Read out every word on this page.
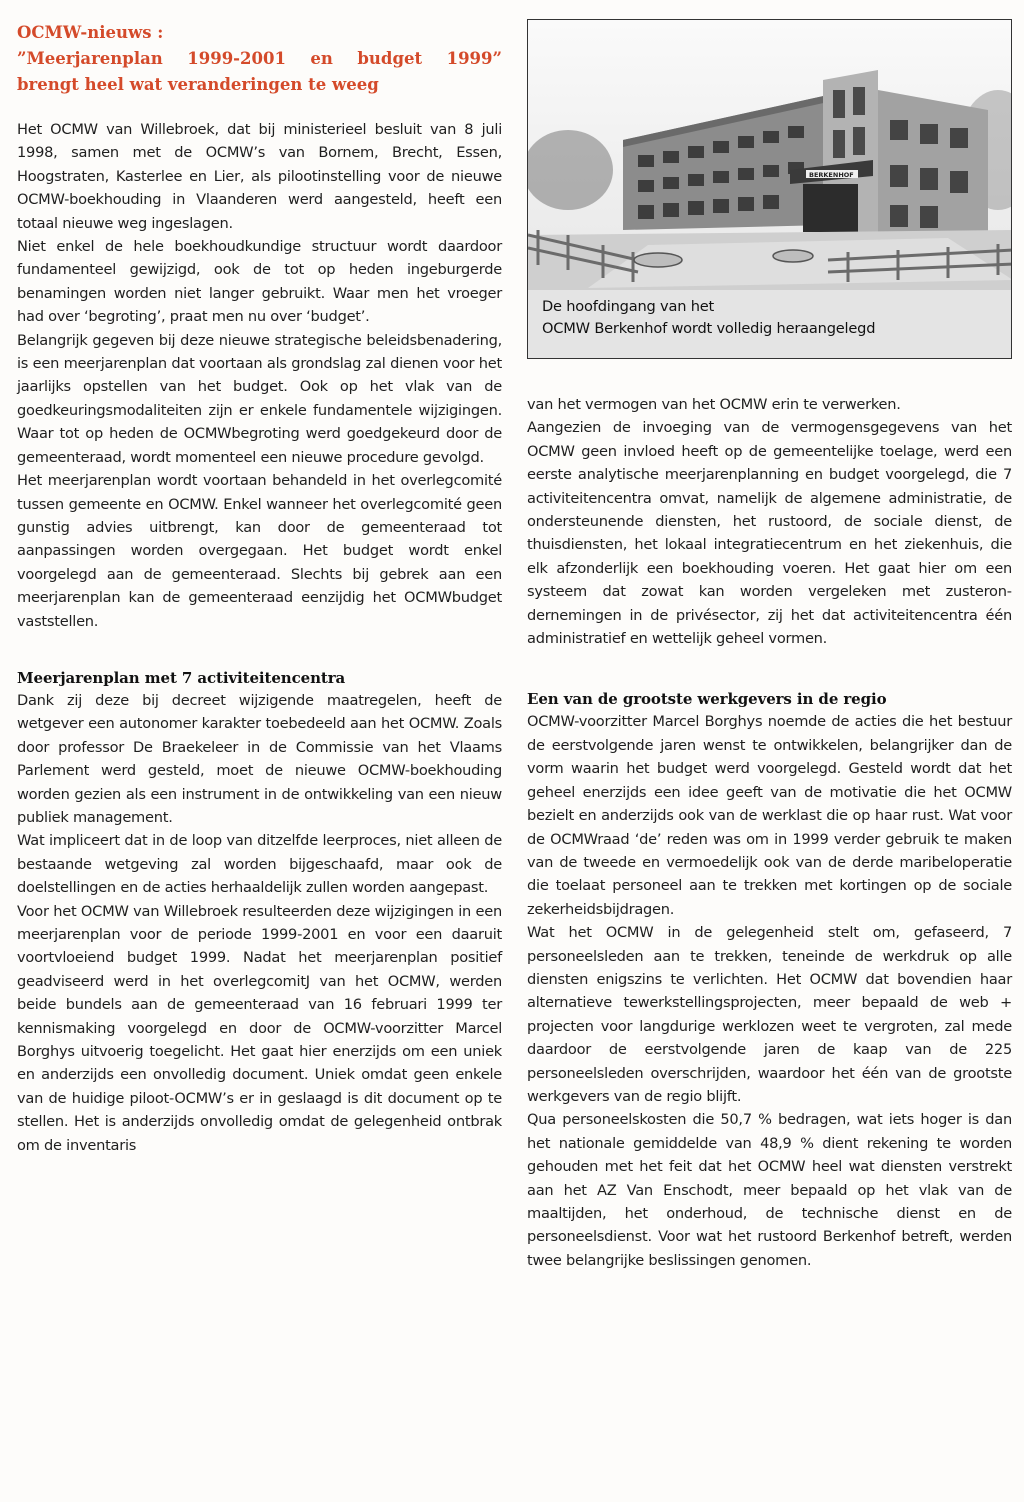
OCMW-nieuws :
”Meerjarenplan 1999-2001 en budget 1999”
brengt heel wat veranderingen te weeg

Het OCMW van Willebroek, dat bij ministerieel besluit van 8 juli 1998, samen met de OCMW’s van Bornem, Brecht, Essen, Hoogstraten, Kasterlee en Lier, als pilootinstelling voor de nieuwe OCMW-boekhouding in Vlaanderen werd aangesteld, heeft een totaal nieuwe weg ingeslagen.

Niet enkel de hele boekhoudkundige structuur wordt daardoor fundamenteel gewijzigd, ook de tot op heden ingeburgerde benamingen worden niet langer gebruikt. Waar men het vroeger had over ‘begroting’, praat men nu over ‘budget’.

Belangrijk gegeven bij deze nieuwe strategische beleidsbenadering, is een meerjarenplan dat voortaan als grondslag zal dienen voor het jaarlijks opstellen van het budget. Ook op het vlak van de goedkeuringsmodaliteiten zijn er enkele fundamentele wijzigingen. Waar tot op heden de OCMWbegroting werd goedgekeurd door de gemeenteraad, wordt momenteel een nieuwe procedure gevolgd.

Het meerjarenplan wordt voortaan behandeld in het overlegcomité tussen gemeente en OCMW. Enkel wanneer het overlegcomité geen gunstig advies uitbrengt, kan door de gemeenteraad tot aanpassingen worden overgegaan. Het budget wordt enkel voorgelegd aan de gemeenteraad. Slechts bij gebrek aan een meerjarenplan kan de gemeenteraad eenzijdig het OCMWbudget vaststellen.

Meerjarenplan met 7 activiteitencentra

Dank zij deze bij decreet wijzigende maatregelen, heeft de wetgever een autonomer karakter toebedeeld aan het OCMW. Zoals door professor De Braekeleer in de Commissie van het Vlaams Parlement werd gesteld, moet de nieuwe OCMW-boekhouding worden gezien als een instrument in de ontwikkeling van een nieuw publiek management.

Wat impliceert dat in de loop van ditzelfde leerproces, niet alleen de bestaande wetgeving zal worden bijgeschaafd, maar ook de doelstellingen en de acties herhaaldelijk zullen worden aangepast.

Voor het OCMW van Willebroek resulteerden deze wijzigingen in een meerjarenplan voor de periode 1999-2001 en voor een daaruit voortvloeiend budget 1999. Nadat het meerjarenplan positief geadviseerd werd in het overlegcomitJ van het OCMW, werden beide bundels aan de gemeenteraad van 16 februari 1999 ter kennismaking voorgelegd en door de OCMW-voorzitter Marcel Borghys uitvoerig toegelicht. Het gaat hier enerzijds om een uniek en anderzijds een onvolledig document. Uniek omdat geen enkele van de huidige piloot-OCMW’s er in geslaagd is dit document op te stellen. Het is anderzijds onvolledig omdat de gelegenheid ontbrak om de inventaris

BERKENHOF
De hoofdingang van het
OCMW Berkenhof wordt volledig heraangelegd

van het vermogen van het OCMW erin te verwerken.

Aangezien de invoeging van de vermogensgegevens van het OCMW geen invloed heeft op de gemeentelijke toelage, werd een eerste analytische meerjarenplanning en budget voorgelegd, die 7 activiteitencentra omvat, namelijk de algemene administratie, de ondersteunende diensten, het rustoord, de sociale dienst, de thuisdiensten, het lokaal integratiecentrum en het ziekenhuis, die elk afzonderlijk een boekhouding voeren. Het gaat hier om een systeem dat zowat kan worden vergeleken met zusterondernemingen in de privésector, zij het dat activiteitencentra één administratief en wettelijk geheel vormen.

Een van de grootste werkgevers in de regio

OCMW-voorzitter Marcel Borghys noemde de acties die het bestuur de eerstvolgende jaren wenst te ontwikkelen, belangrijker dan de vorm waarin het budget werd voorgelegd. Gesteld wordt dat het geheel enerzijds een idee geeft van de motivatie die het OCMW bezielt en anderzijds ook van de werklast die op haar rust. Wat voor de OCMWraad ‘de’ reden was om in 1999 verder gebruik te maken van de tweede en vermoedelijk ook van de derde maribeloperatie die toelaat personeel aan te trekken met kortingen op de sociale zekerheidsbijdragen.

Wat het OCMW in de gelegenheid stelt om, gefaseerd, 7 personeelsleden aan te trekken, teneinde de werkdruk op alle diensten enigszins te verlichten. Het OCMW dat bovendien haar alternatieve tewerkstellingsprojecten, meer bepaald de web + projecten voor langdurige werklozen weet te vergroten, zal mede daardoor de eerstvolgende jaren de kaap van de 225 personeelsleden overschrijden, waardoor het één van de grootste werkgevers van de regio blijft.

Qua personeelskosten die 50,7 % bedragen, wat iets hoger is dan het nationale gemiddelde van 48,9 % dient rekening te worden gehouden met het feit dat het OCMW heel wat diensten verstrekt aan het AZ Van Enschodt, meer bepaald op het vlak van de maaltijden, het onderhoud, de technische dienst en de personeelsdienst. Voor wat het rustoord Berkenhof betreft, werden twee belangrijke beslissingen genomen.
